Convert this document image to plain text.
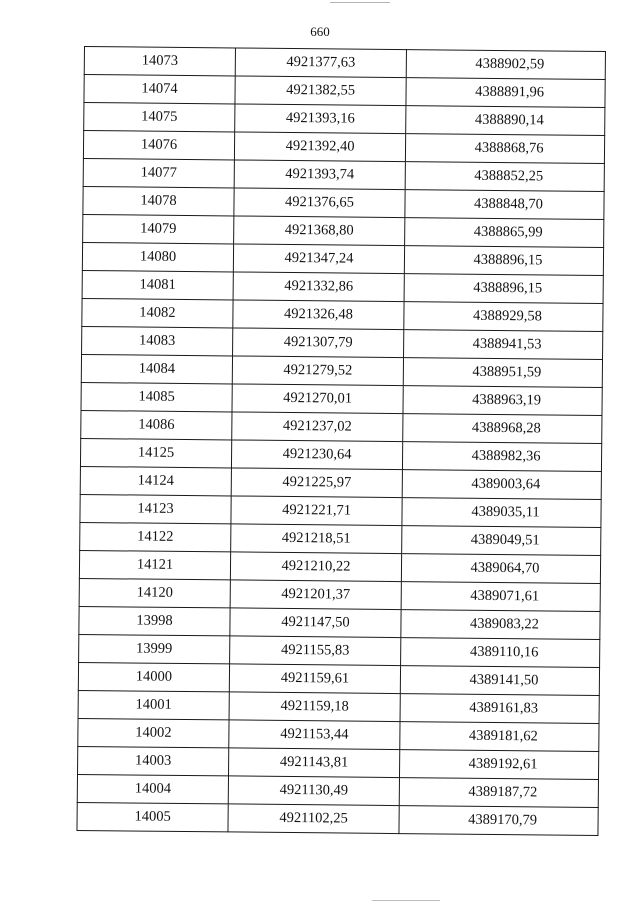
660
14073	4921377,63	4388902,59
14074	4921382,55	4388891,96
14075	4921393,16	4388890,14
14076	4921392,40	4388868,76
14077	4921393,74	4388852,25
14078	4921376,65	4388848,70
14079	4921368,80	4388865,99
14080	4921347,24	4388896,15
14081	4921332,86	4388896,15
14082	4921326,48	4388929,58
14083	4921307,79	4388941,53
14084	4921279,52	4388951,59
14085	4921270,01	4388963,19
14086	4921237,02	4388968,28
14125	4921230,64	4388982,36
14124	4921225,97	4389003,64
14123	4921221,71	4389035,11
14122	4921218,51	4389049,51
14121	4921210,22	4389064,70
14120	4921201,37	4389071,61
13998	4921147,50	4389083,22
13999	4921155,83	4389110,16
14000	4921159,61	4389141,50
14001	4921159,18	4389161,83
14002	4921153,44	4389181,62
14003	4921143,81	4389192,61
14004	4921130,49	4389187,72
14005	4921102,25	4389170,79
